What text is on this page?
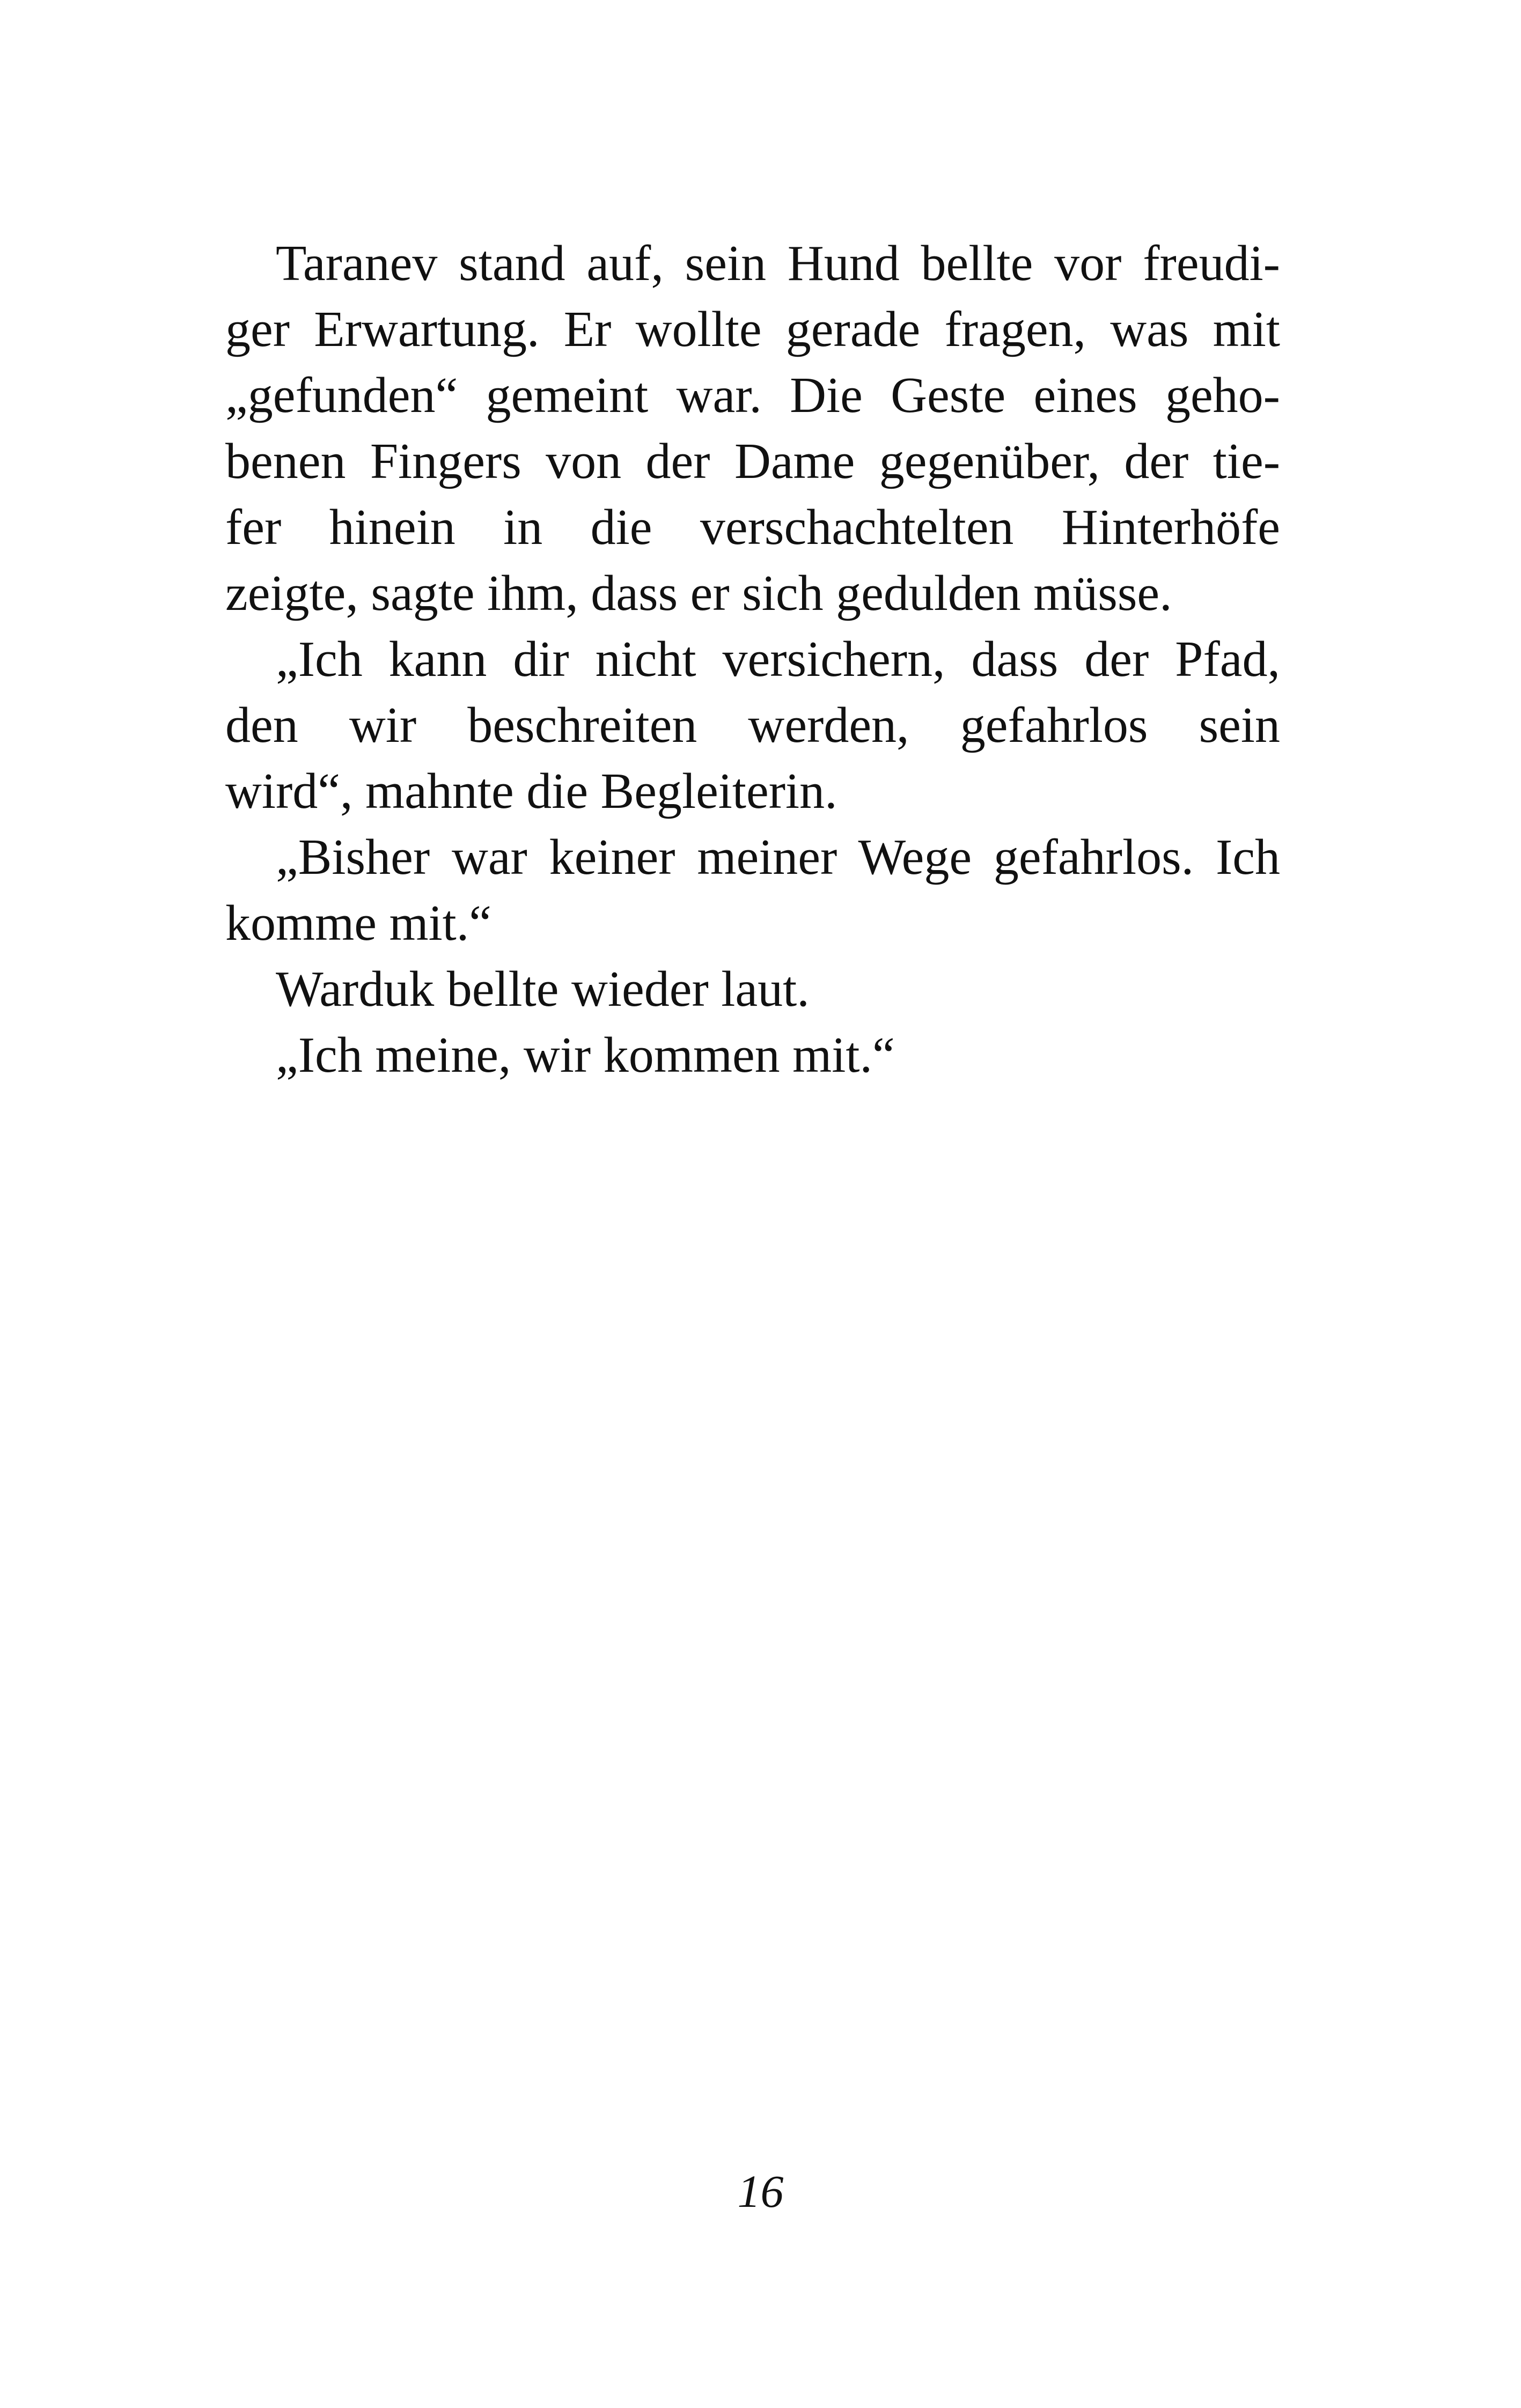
Taranev stand auf, sein Hund bellte vor freudi-
ger Erwartung. Er wollte gerade fragen, was mit
„gefunden“ gemeint war. Die Geste eines geho-
benen Fingers von der Dame gegenüber, der tie-
fer hinein in die verschachtelten Hinterhöfe
zeigte, sagte ihm, dass er sich gedulden müsse.
„Ich kann dir nicht versichern, dass der Pfad,
den wir beschreiten werden, gefahrlos sein
wird“, mahnte die Begleiterin.
„Bisher war keiner meiner Wege gefahrlos. Ich
komme mit.“
Warduk bellte wieder laut.
„Ich meine, wir kommen mit.“
16
